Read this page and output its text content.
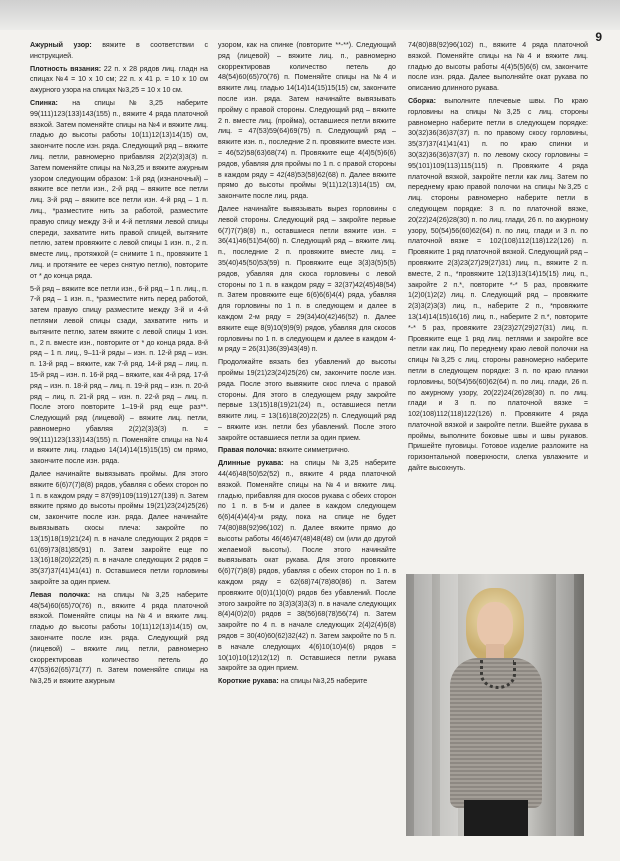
9

Ажурный узор: вяжите в соответствии с инструкцией.

Плотность вязания: 22 п. х 28 рядов лиц. гладн на спицах №4 = 10 х 10 см; 22 п. х 41 р. = 10 х 10 см ажурного узора на спицах №3,25 = 10 х 10 см.

Спинка: на спицы №3,25 наберите 99(111)123(133)143(155) п., вяжите 4 ряда платочной вязкой. Затем поменяйте спицы на №4 и вяжите лиц. гладью до высоты работы 10(11)12(13)14(15) см, закончите после изн. ряда. Следующий ряд – вяжите лиц. петли, равномерно прибавляя 2(2)2(3)3(3) п. Затем поменяйте спицы на №3,25 и вяжите ажурным узором следующим образом: 1-й ряд (изнаночный) – вяжите все петли изн., 2-й ряд – вяжите все петли лиц. 3-й ряд – вяжите все петли изн. 4-й ряд – 1 п. лиц., *разместите нить за работой, разместите правую спицу между 3-й и 4-й петлями левой спицы спереди, захватите нить правой спицей, вытяните петлю, затем провяжите с левой спицы 1 изн. п., 2 п. вместе лиц., протяжкой (= снимите 1 п., провяжите 1 лиц. и протяните ее через снятую петлю), повторите от * до конца ряда.

5-й ряд – вяжите все петли изн., 6-й ряд – 1 п. лиц., п. 7-й ряд – 1 изн. п., *разместите нить перед работой, затем правую спицу разместите между 3-й и 4-й петлями левой спицы сзади, захватите нить и вытяните петлю, затем вяжите с левой спицы 1 изн. п., 2 п. вместе изн., повторите от * до конца ряда. 8-й ряд – 1 п. лиц., 9–11-й ряды – изн. п. 12-й ряд – изн. п. 13-й ряд – вяжите, как 7-й ряд. 14-й ряд – лиц. п. 15-й ряд – изн. п. 16-й ряд – вяжите, как 4-й ряд. 17-й ряд – изн. п. 18-й ряд – лиц. п. 19-й ряд – изн. п. 20-й ряд – лиц. п. 21-й ряд – изн. п. 22-й ряд – лиц. п. После этого повторите 1–19-й ряд еще раз**. Следующий ряд (лицевой) – вяжите лиц. петли, равномерно убавляя 2(2)2(3)3(3) п. = 99(111)123(133)143(155) п. Поменяйте спицы на №4 и вяжите лиц. гладью 14(14)14(15)15(15) см прямо, закончите после изн. ряда.

Далее начинайте вывязывать проймы. Для этого вяжите 6(6)7(7)8(8) рядов, убавляя с обеих сторон по 1 п. в каждом ряду = 87(99)109(119)127(139) п. Затем вяжите прямо до высоты проймы 19(21)23(24)25(26) см, закончите после изн. ряда. Далее начинайте вывязывать скосы плеча: закройте по 13(15)18(19)21(24) п. в начале следующих 2 рядов = 61(69)73(81)85(91) п. Затем закройте еще по 13(16)18(20)22(25) п. в начале следующих 2 рядов = 35(37)37(41)41(41) п. Оставшиеся петли горловины закройте за один прием.

Левая полочка: на спицы №3,25 наберите 48(54)60(65)70(76) п., вяжите 4 ряда платочной вязкой. Поменяйте спицы на №4 и вяжите лиц. гладью до высоты работы 10(11)12(13)14(15) см, закончите после изн. ряда. Следующий ряд (лицевой) – вяжите лиц. петли, равномерно скорректировав количество петель до 47(53)62(65)71(77) п. Затем поменяйте спицы на №3,25 и вяжите ажурным

узором, как на спинке (повторите **-**). Следующий ряд (лицевой) – вяжите лиц. п., равномерно скорректировав количество петель до 48(54)60(65)70(76) п. Поменяйте спицы на №4 и вяжите лиц. гладью 14(14)14(15)15(15) см, закончите после изн. ряда. Затем начинайте вывязывать пройму с правой стороны. Следующий ряд – вяжите 2 п. вместе лиц. (пройма), оставшиеся петли вяжите лиц. = 47(53)59(64)69(75) п. Следующий ряд – вяжите изн. п., последние 2 п. провяжите вместе изн. = 46(52)58(63)68(74) п. Провяжите еще 4(4)5(5)6(6) рядов, убавляя для проймы по 1 п. с правой стороны в каждом ряду = 42(48)53(58)62(68) п. Далее вяжите прямо до высоты проймы 9(11)12(13)14(15) см, закончите после лиц. ряда.

Далее начинайте вывязывать вырез горловины с левой стороны. Следующий ряд – закройте первые 6(7)7(7)8(8) п., оставшиеся петли вяжите изн. = 36(41)46(51)54(60) п. Следующий ряд – вяжите лиц. п., последние 2 п. провяжите вместе лиц. = 35(40)45(50)53(59) п. Провяжите еще 3(3)3(5)5(5) рядов, убавляя для скоса горловины с левой стороны по 1 п. в каждом ряду = 32(37)42(45)48(54) п. Затем провяжите еще 6(6)6(6)4(4) ряда, убавляя для горловины по 1 п. в следующем и далее в каждом 2-м ряду = 29(34)40(42)46(52) п. Далее вяжите еще 8(9)10(9)9(9) рядов, убавляя для скосов горловины по 1 п. в следующем и далее в каждом 4-м ряду = 26(31)36(39)43(49) п.

Продолжайте вязать без убавлений до высоты проймы 19(21)23(24)25(26) см, закончите после изн. ряда. После этого вывяжите скос плеча с правой стороны. Для этого в следующем ряду закройте первые 13(15)18(19)21(24) п., оставшиеся петли вяжите лиц. = 13(16)18(20)22(25) п. Следующий ряд – вяжите изн. петли без убавлений. После этого закройте оставшиеся петли за один прием.

Правая полочка: вяжите симметрично.

Длинные рукава: на спицы №3,25 наберите 44(46)48(50)52(52) п., вяжите 4 ряда платочной вязкой. Поменяйте спицы на №4 и вяжите лиц. гладью, прибавляя для скосов рукава с обеих сторон по 1 п. в 5-м и далее в каждом следующем 6(6)4(4)4(4)-м ряду, пока на спице не будет 74(80)88(92)96(102) п. Далее вяжите прямо до высоты работы 46(46)47(48)48(48) см (или до другой желаемой высоты). После этого начинайте вывязывать окат рукава. Для этого провяжите 6(6)7(7)8(8) рядов, убавляя с обеих сторон по 1 п. в каждом ряду = 62(68)74(78)80(86) п. Затем провяжите 0(0)1(1)0(0) рядов без убавлений. После этого закройте по 3(3)3(3)3(3) п. в начале следующих 8(4)4(0)2(0) рядов = 38(56)68(78)56(74) п. Затем закройте по 4 п. в начале следующих 2(4)2(4)6(8) рядов = 30(40)60(62)32(42) п. Затем закройте по 5 п. в начале следующих 4(6)10(10)4(6) рядов = 10(10)10(12)12(12) п. Оставшиеся петли рукава закройте за один прием.

Короткие рукава: на спицы №3,25 наберите

74(80)88(92)96(102) п., вяжите 4 ряда платочной вязкой. Поменяйте спицы на №4 и вяжите лиц. гладью до высоты работы 4(4)5(5)6(6) см, закончите после изн. ряда. Далее выполняйте окат рукава по описанию длинного рукава.

Сборка: выполните плечевые швы. По краю горловины на спицы №3,25 с лиц. стороны равномерно наберите петли в следующем порядке: 30(32)36(36)37(37) п. по правому скосу горловины, 35(37)37(41)41(41) п. по краю спинки и 30(32)36(36)37(37) п. по левому скосу горловины = 95(101)109(113)115(115) п. Провяжите 4 ряда платочной вязкой, закройте петли как лиц. Затем по переднему краю правой полочки на спицы №3,25 с лиц. стороны равномерно наберите петли в следующем порядке: 3 п. по платочной вязке, 20(22)24(26)28(30) п. по лиц. глади, 26 п. по ажурному узору, 50(54)56(60)62(64) п. по лиц. глади и 3 п. по платочной вязке = 102(108)112(118)122(126) п. Провяжите 1 ряд платочной вязкой. Следующий ряд – провяжите 2(3)23(27)29(27)31) лиц. п., вяжите 2 п. вместе, 2 п., *провяжите 12(13)13(14)15(15) лиц. п., закройте 2 п.*, повторите *-* 5 раз, провяжите 1(2)0(1)2(2) лиц. п. Следующий ряд – провяжите 2(3)3(2)3(3) лиц. п., наберите 2 п., *провяжите 13(14)14(15)16(16) лиц. п., наберите 2 п.*, повторите *-* 5 раз, провяжите 23(23)27(29)27(31) лиц. п. Провяжите еще 1 ряд лиц. петлями и закройте все петли как лиц. По переднему краю левой полочки на спицы №3,25 с лиц. стороны равномерно наберите петли в следующем порядке: 3 п. по краю планки горловины, 50(54)56(60)62(64) п. по лиц. глади, 26 п. по ажурному узору, 20(22)24(26)28(30) п. по лиц. глади и 3 п. по платочной вязке = 102(108)112(118)122(126) п. Провяжите 4 ряда платочной вязкой и закройте петли. Вшейте рукава в проймы, выполните боковые швы и швы рукавов. Пришейте пуговицы. Готовое изделие разложите на горизонтальной поверхности, слегка увлажните и дайте высохнуть.
